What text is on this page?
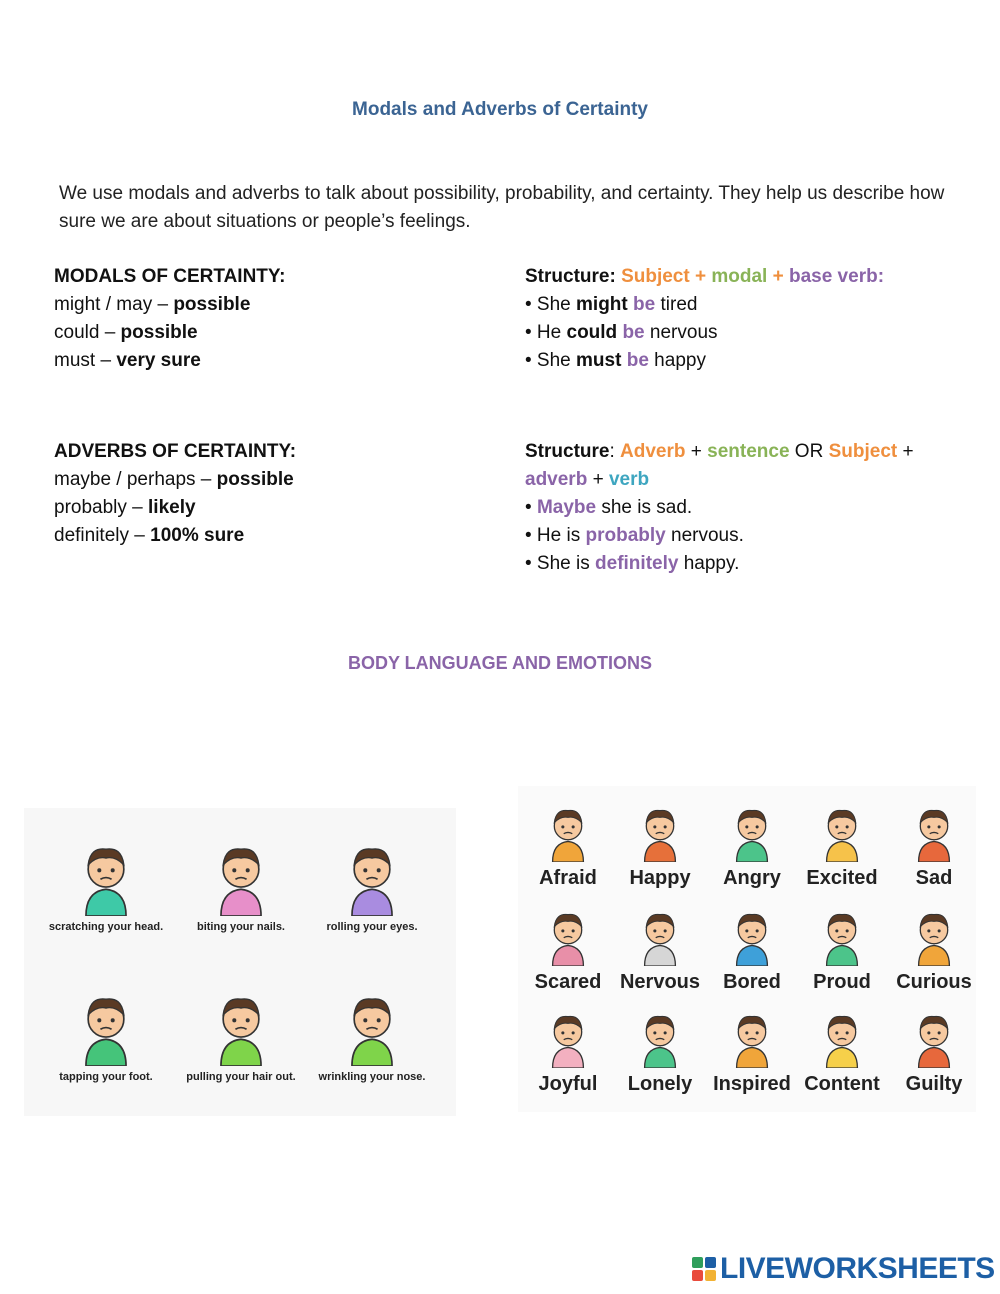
Modals and Adverbs of Certainty
We use modals and adverbs to talk about possibility, probability, and certainty. They help us describe how sure we are about situations or people’s feelings.
MODALS OF CERTAINTY:
might / may – possible
could – possible
must – very sure
Structure: Subject + modal + base verb:
• She might be tired
• He could be nervous
• She must be happy
ADVERBS OF CERTAINTY:
maybe / perhaps – possible
probably – likely
definitely – 100% sure
Structure: Adverb + sentence OR Subject +
adverb + verb
• Maybe she is sad.
• He is probably nervous.
• She is definitely happy.
BODY LANGUAGE AND EMOTIONS
scratching your head.	biting your nails.	rolling your eyes.
tapping your foot.	pulling your hair out.	wrinkling your nose.
Afraid	Happy	Angry	Excited	Sad
Scared Nervous	Bored	Proud	Curious
Joyful	Lonely	Inspired Content	Guilty
LIVEWORKSHEETS
